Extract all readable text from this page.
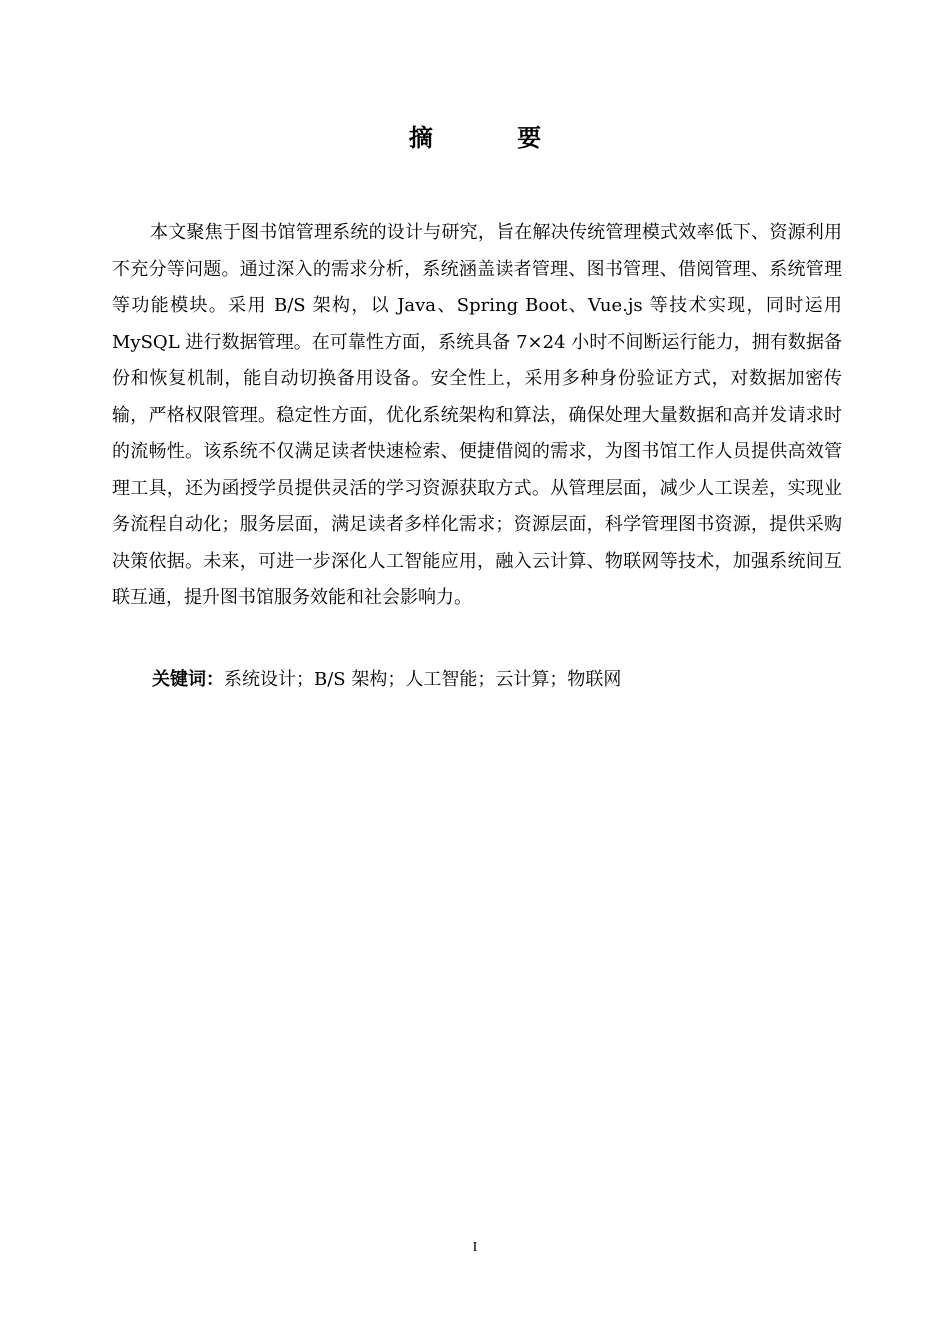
摘 要

本文聚焦于图书馆管理系统的设计与研究，旨在解决传统管理模式效率低下、资源利用不充分等问题。通过深入的需求分析，系统涵盖读者管理、图书管理、借阅管理、系统管理等功能模块。采用 B/S 架构，以 Java、Spring Boot、Vue.js 等技术实现，同时运用 MySQL 进行数据管理。在可靠性方面，系统具备 7×24 小时不间断运行能力，拥有数据备份和恢复机制，能自动切换备用设备。安全性上，采用多种身份验证方式，对数据加密传输，严格权限管理。稳定性方面，优化系统架构和算法，确保处理大量数据和高并发请求时的流畅性。该系统不仅满足读者快速检索、便捷借阅的需求，为图书馆工作人员提供高效管理工具，还为函授学员提供灵活的学习资源获取方式。从管理层面，减少人工误差，实现业务流程自动化；服务层面，满足读者多样化需求；资源层面，科学管理图书资源，提供采购决策依据。未来，可进一步深化人工智能应用，融入云计算、物联网等技术，加强系统间互联互通，提升图书馆服务效能和社会影响力。

关键词：系统设计；B/S 架构；人工智能；云计算；物联网

I
